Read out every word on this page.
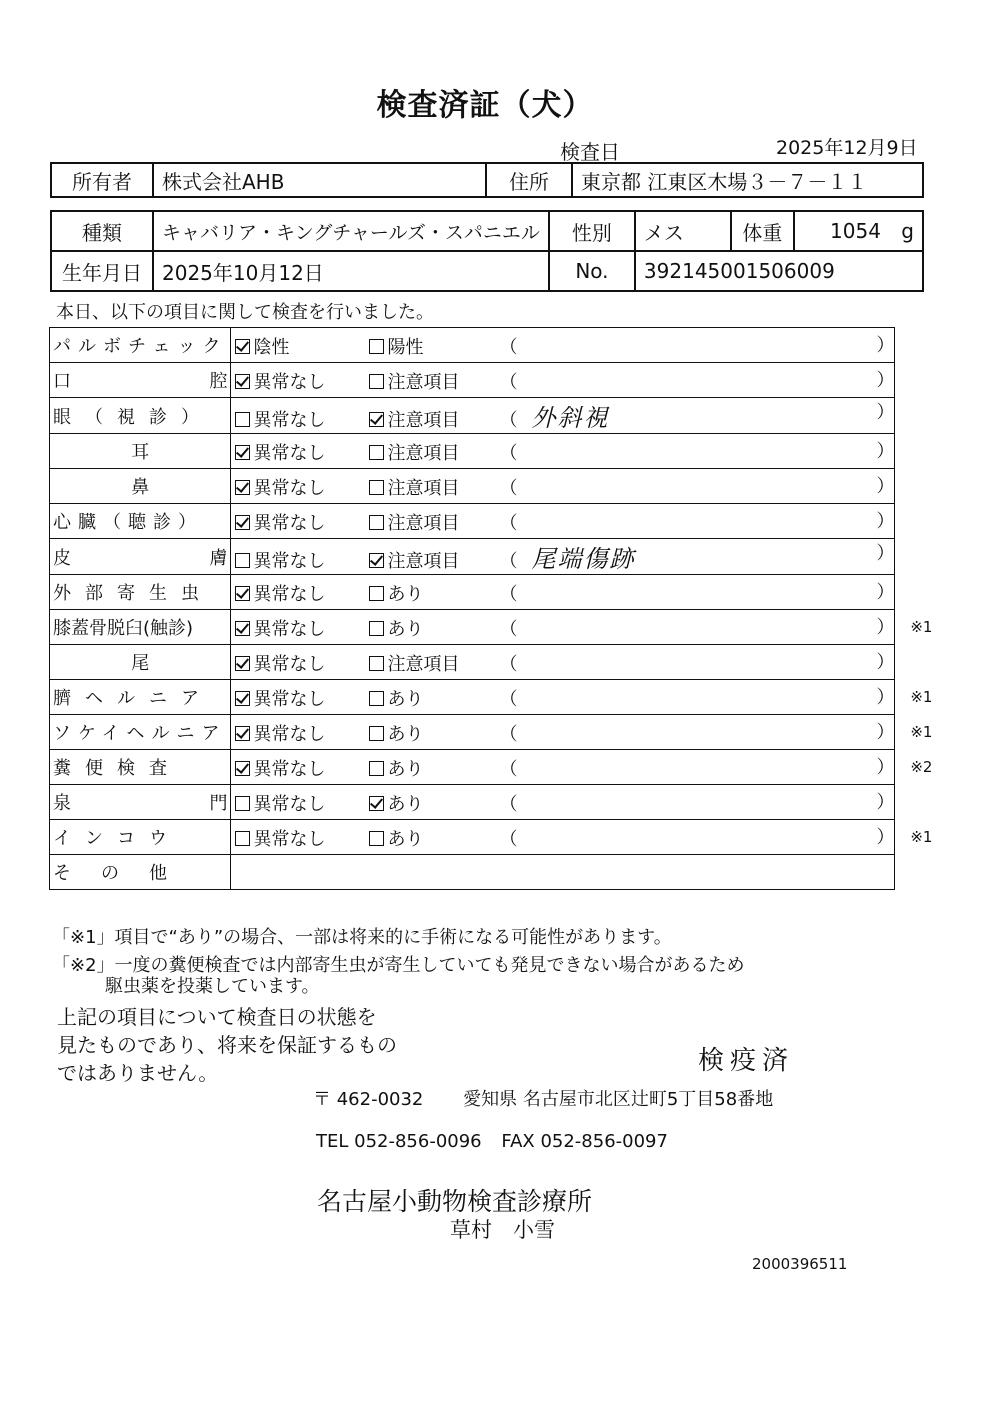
検査済証（犬）
検査日	2025年12月9日
所有者	株式会社AHB	住所	東京都 江東区木場３－７－１１
種類	キャバリア・キングチャールズ・スパニエル	性別	メス	体重	1054 g
生年月日	2025年10月12日	No.	392145001506009		
本日、以下の項目に関して検査を行いました。
パルボチェック	陰性 陽性 （ ）

口 腔	異常なし 注意項目 （ ）

眼（視診）	異常なし 注意項目 （ 外斜視 ）

耳	異常なし 注意項目 （ ）

鼻	異常なし 注意項目 （ ）

心臓（聴診）	異常なし 注意項目 （ ）

皮 膚	異常なし 注意項目 （ 尾端傷跡 ）

外部寄生虫	異常なし あり （ ）

膝蓋骨脱臼(触診)	異常なし あり （ ） ※1

尾	異常なし 注意項目 （ ）

臍ヘルニア	異常なし あり （ ） ※1

ソケイヘルニア	異常なし あり （ ） ※1

糞便検査	異常なし あり （ ） ※2

泉 門	異常なし あり （ ）

インコウ	異常なし あり （ ） ※1

その他	

「※1」項目で“あり”の場合、一部は将来的に手術になる可能性があります。
「※2」一度の糞便検査では内部寄生虫が寄生していても発見できない場合があるため
駆虫薬を投薬しています。
上記の項目について検査日の状態を
見たものであり、将来を保証するもの
ではありません。	検疫済
〒 462-0032 愛知県 名古屋市北区辻町5丁目58番地
TEL 052-856-0096 FAX 052-856-0097
名古屋小動物検査診療所
草村　小雪
2000396511
